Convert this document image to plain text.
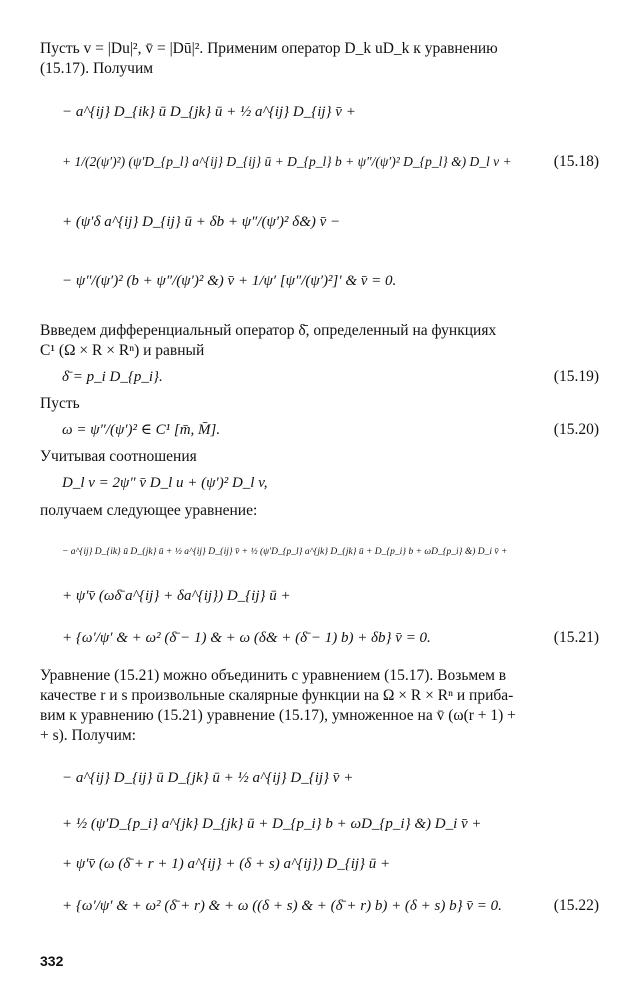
Пусть v = |Du|², v̄ = |Dū|². Применим оператор D_k uD_k к уравнению
(15.17). Получим
− a^{ij} D_{ik} ū D_{jk} ū + ½ a^{ij} D_{ij} v̄ +
+ 1/(2(ψ′)²) (ψ′D_{p_l} a^{ij} D_{ij} ū + D_{p_l} b + ψ″/(ψ′)² D_{p_l} &) D_l v +	(15.18)
+ (ψ′δ a^{ij} D_{ij} ū + δb + ψ″/(ψ′)² δ&) v̄ −
− ψ″/(ψ′)² (b + ψ″/(ψ′)² &) v̄ + 1/ψ′ [ψ″/(ψ′)²]′ & v̄ = 0.
Ввведем дифференциальный оператор δ̄, определенный на функциях
C¹ (Ω × R × Rⁿ) и равный
δ̄ = p_i D_{p_i}.	(15.19)
Пусть
ω = ψ″/(ψ′)² ∈ C¹ [m̄, M̄].	(15.20)
Учитывая соотношения
D_l v = 2ψ″ v̄ D_l u + (ψ′)² D_l v,
получаем следующее уравнение:
− a^{ij} D_{ik} ū D_{jk} ū + ½ a^{ij} D_{ij} v̄ + ½ (ψ′D_{p_l} a^{jk} D_{jk} ū + D_{p_i} b + ωD_{p_i} &) D_i v̄ +
+ ψ′v̄ (ωδ̄ a^{ij} + δa^{ij}) D_{ij} ū +
+ {ω′/ψ′ & + ω² (δ̄ − 1) & + ω (δ& + (δ̄ − 1) b) + δb} v̄ = 0.	(15.21)
Уравнение (15.21) можно объединить с уравнением (15.17). Возьмем в
качестве r и s произвольные скалярные функции на Ω × R × Rⁿ и приба-
вим к уравнению (15.21) уравнение (15.17), умноженное на v̄ (ω(r + 1) +
+ s). Получим:
− a^{ij} D_{ij} ū D_{jk} ū + ½ a^{ij} D_{ij} v̄ +
+ ½ (ψ′D_{p_i} a^{jk} D_{jk} ū + D_{p_i} b + ωD_{p_i} &) D_i v̄ +
+ ψ′v̄ (ω (δ̄ + r + 1) a^{ij} + (δ + s) a^{ij}) D_{ij} ū +
+ {ω′/ψ′ & + ω² (δ̄ + r) & + ω ((δ + s) & + (δ̄ + r) b) + (δ + s) b} v̄ = 0.	(15.22)
332
